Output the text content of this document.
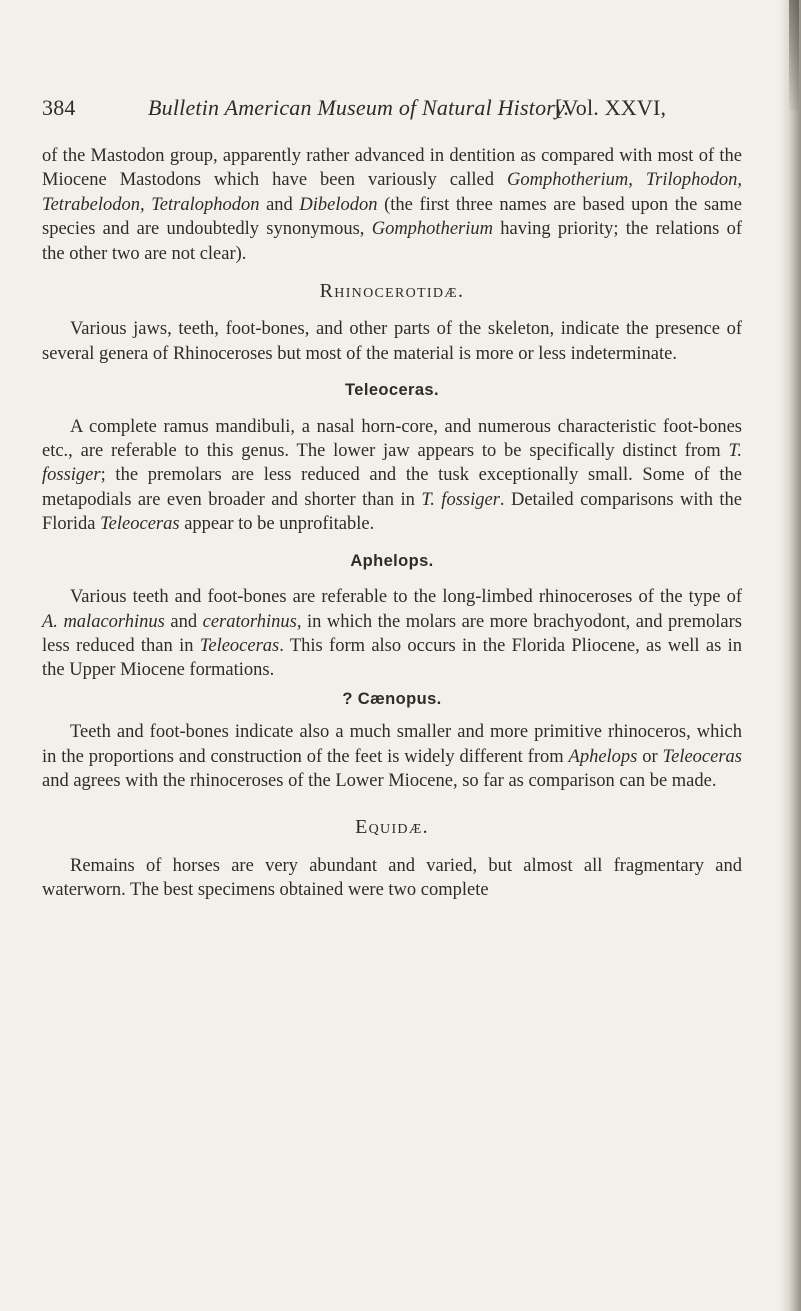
384	Bulletin American Museum of Natural History.
[Vol. XXVI,

of the Mastodon group, apparently rather advanced in dentition as compared with most of the Miocene Mastodons which have been variously called Gomphotherium, Trilophodon, Tetrabelodon, Tetralophodon and Dibelodon (the first three names are based upon the same species and are undoubtedly synonymous, Gomphotherium having priority; the relations of the other two are not clear).

Rhinocerotidæ.

Various jaws, teeth, foot-bones, and other parts of the skeleton, indicate the presence of several genera of Rhinoceroses but most of the material is more or less indeterminate.

Teleoceras.

A complete ramus mandibuli, a nasal horn-core, and numerous characteristic foot-bones etc., are referable to this genus. The lower jaw appears to be specifically distinct from T. fossiger; the premolars are less reduced and the tusk exceptionally small. Some of the metapodials are even broader and shorter than in T. fossiger. Detailed comparisons with the Florida Teleoceras appear to be unprofitable.

Aphelops.

Various teeth and foot-bones are referable to the long-limbed rhinoceroses of the type of A. malacorhinus and ceratorhinus, in which the molars are more brachyodont, and premolars less reduced than in Teleoceras. This form also occurs in the Florida Pliocene, as well as in the Upper Miocene formations.

? Cænopus.

Teeth and foot-bones indicate also a much smaller and more primitive rhinoceros, which in the proportions and construction of the feet is widely different from Aphelops or Teleoceras and agrees with the rhinoceroses of the Lower Miocene, so far as comparison can be made.

Equidæ.

Remains of horses are very abundant and varied, but almost all fragmentary and waterworn. The best specimens obtained were two complete
